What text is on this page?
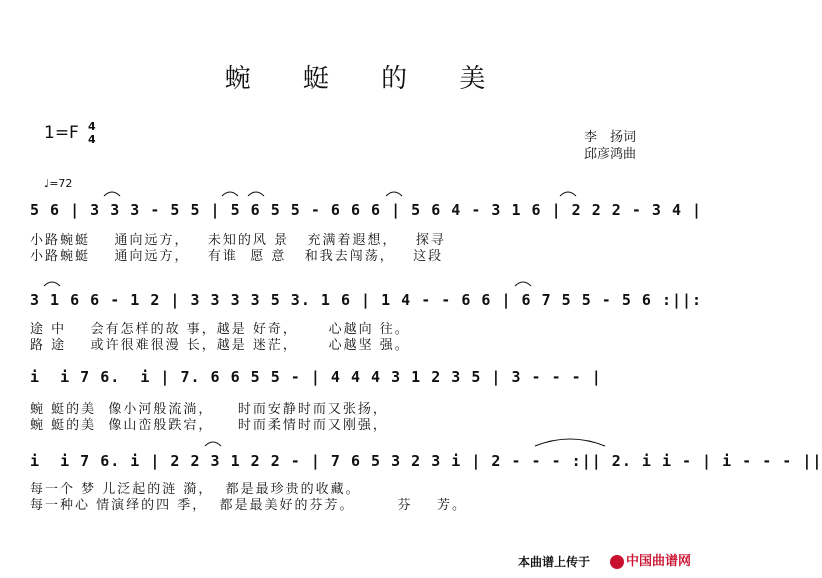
蜿 蜓 的 美
1=F 4
4	李　扬词
邱彦鸿曲
♩=72
5 6 | 3 3 3 - 5 5 | 5 6 5 5 - 6 6 6 | 5 6 4 - 3 1 6 | 2 2 2 - 3 4 |
小路蜿蜓    通向远方，   未知的风 景   充满着遐想，   探寻
小路蜿蜓    通向远方，   有谁  愿 意   和我去闯荡，   这段
3 1 6 6 - 1 2 | 3 3 3 3 5 3. 1 6 | 1 4 - - 6 6 | 6 7 5 5 - 5 6 :||:
途 中    会有怎样的故 事，越是 好奇，     心越向 往。
路 途    或许很难很漫 长，越是 迷茫，     心越坚 强。
i  i 7 6.  i | 7. 6 6 5 5 - | 4 4 4 3 1 2 3 5 | 3 - - - |
蜿 蜓的美  像小河般流淌，    时而安静时而又张扬，
蜿 蜓的美  像山峦般跌宕，    时而柔情时而又刚强，
i  i 7 6. i | 2 2 3 1 2 2 - | 7 6 5 3 2 3 i | 2 - - - :|| 2. i i - | i - - - ||
每一个 梦 儿泛起的涟 漪，  都是最珍贵的收藏。
每一种心 情演绎的四 季，  都是最美好的芬芳。       芬    芳。
本曲谱上传于	中国曲谱网
